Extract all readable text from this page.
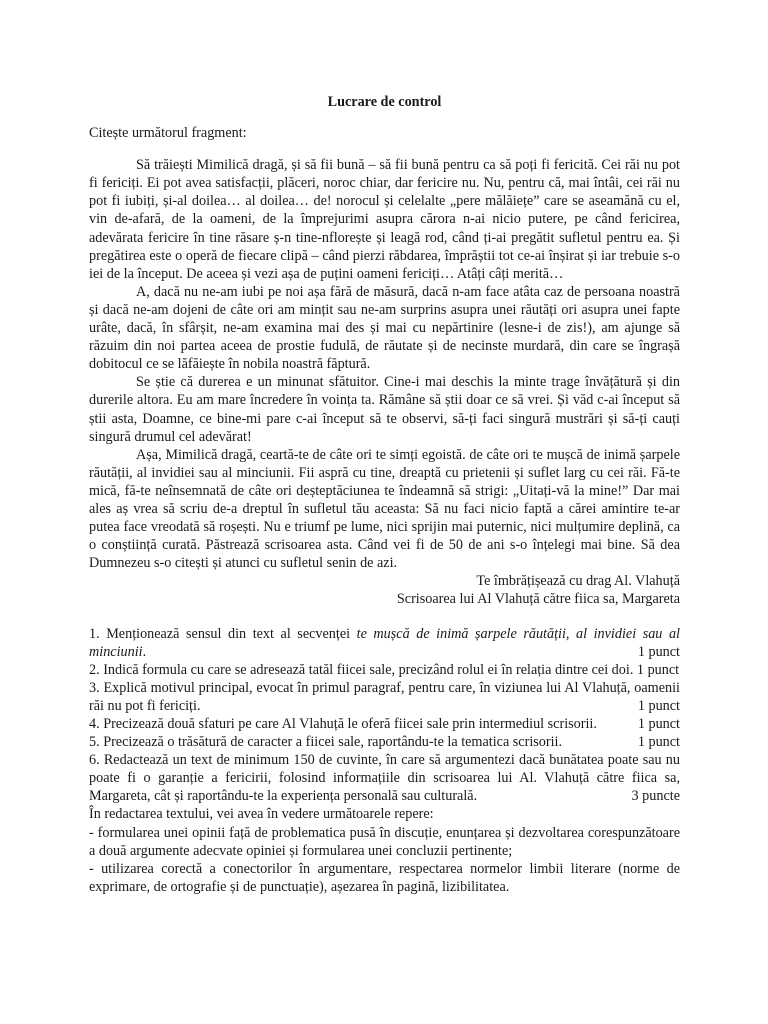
Lucrare de control
Citește următorul fragment:

Să trăiești Mimilică dragă, și să fii bună – să fii bună pentru ca să poți fi fericită. Cei răi nu pot fi fericiți. Ei pot avea satisfacții, plăceri, noroc chiar, dar fericire nu. Nu, pentru că, mai întâi, cei răi nu pot fi iubiți, și-al doilea… al doilea… de! norocul și celelalte „pere mălăiețe” care se aseamănă cu el, vin de-afară, de la oameni, de la împrejurimi asupra cărora n-ai nicio putere, pe când fericirea, adevărata fericire în tine răsare ș-n tine-nflorește și leagă rod, când ți-ai pregătit sufletul pentru ea. Și pregătirea este o operă de fiecare clipă – când pierzi răbdarea, împrăștii tot ce-ai înșirat și iar trebuie s-o iei de la început. De aceea și vezi așa de puțini oameni fericiți… Atâți câți merită…

A, dacă nu ne-am iubi pe noi așa fără de măsură, dacă n-am face atâta caz de persoana noastră și dacă ne-am dojeni de câte ori am mințit sau ne-am surprins asupra unei răutăți ori asupra unei fapte urâte, dacă, în sfârșit, ne-am examina mai des și mai cu nepărtinire (lesne-i de zis!), am ajunge să răzuim din noi partea aceea de prostie fudulă, de răutate și de necinste murdară, din care se îngrașă dobitocul ce se lăfăiește în nobila noastră făptură.

Se știe că durerea e un minunat sfătuitor. Cine-i mai deschis la minte trage învățătură și din durerile altora. Eu am mare încredere în voința ta. Rămâne să știi doar ce să vrei. Și văd c-ai început să știi asta, Doamne, ce bine-mi pare c-ai început să te observi, să-ți faci singură mustrări și să-ți cauți singură drumul cel adevărat!

Așa, Mimilică dragă, ceartă-te de câte ori te simți egoistă. de câte ori te mușcă de inimă șarpele răutății, al invidiei sau al minciunii. Fii aspră cu tine, dreaptă cu prietenii și suflet larg cu cei răi. Fă-te mică, fă-te neînsemnată de câte ori deșteptăciunea te îndeamnă să strigi: „Uitați-vă la mine!” Dar mai ales aș vrea să scriu de-a dreptul în sufletul tău aceasta: Să nu faci nicio faptă a cărei amintire te-ar putea face vreodată să roșești. Nu e triumf pe lume, nici sprijin mai puternic, nici mulțumire deplină, ca o conștiință curată. Păstrează scrisoarea asta. Când vei fi de 50 de ani s-o înțelegi mai bine. Să dea Dumnezeu s-o citești și atunci cu sufletul senin de azi.

Te îmbrățișează cu drag Al. Vlahuță
Scrisoarea lui Al Vlahuță către fiica sa, Margareta
1. Menționează sensul din text al secvenței te mușcă de inimă șarpele răutății, al invidiei sau al minciunii.	1 punct
2. Indică formula cu care se adresează tatăl fiicei sale, precizând rolul ei în relația dintre cei doi. 1 punct
3. Explică motivul principal, evocat în primul paragraf, pentru care, în viziunea lui Al Vlahuță, oamenii răi nu pot fi fericiți.	1 punct
4. Precizează două sfaturi pe care Al Vlahuță le oferă fiicei sale prin intermediul scrisorii.	1 punct
5. Precizează o trăsătură de caracter a fiicei sale, raportându-te la tematica scrisorii.	1 punct
6. Redactează un text de minimum 150 de cuvinte, în care să argumentezi dacă bunătatea poate sau nu poate fi o garanție a fericirii, folosind informațiile din scrisoarea lui Al. Vlahuță către fiica sa, Margareta, cât și raportându-te la experiența personală sau culturală.	3 puncte
În redactarea textului, vei avea în vedere următoarele repere:
- formularea unei opinii față de problematica pusă în discuție, enunțarea și dezvoltarea corespunzătoare a două argumente adecvate opiniei și formularea unei concluzii pertinente;
- utilizarea corectă a conectorilor în argumentare, respectarea normelor limbii literare (norme de exprimare, de ortografie și de punctuație), așezarea în pagină, lizibilitatea.
